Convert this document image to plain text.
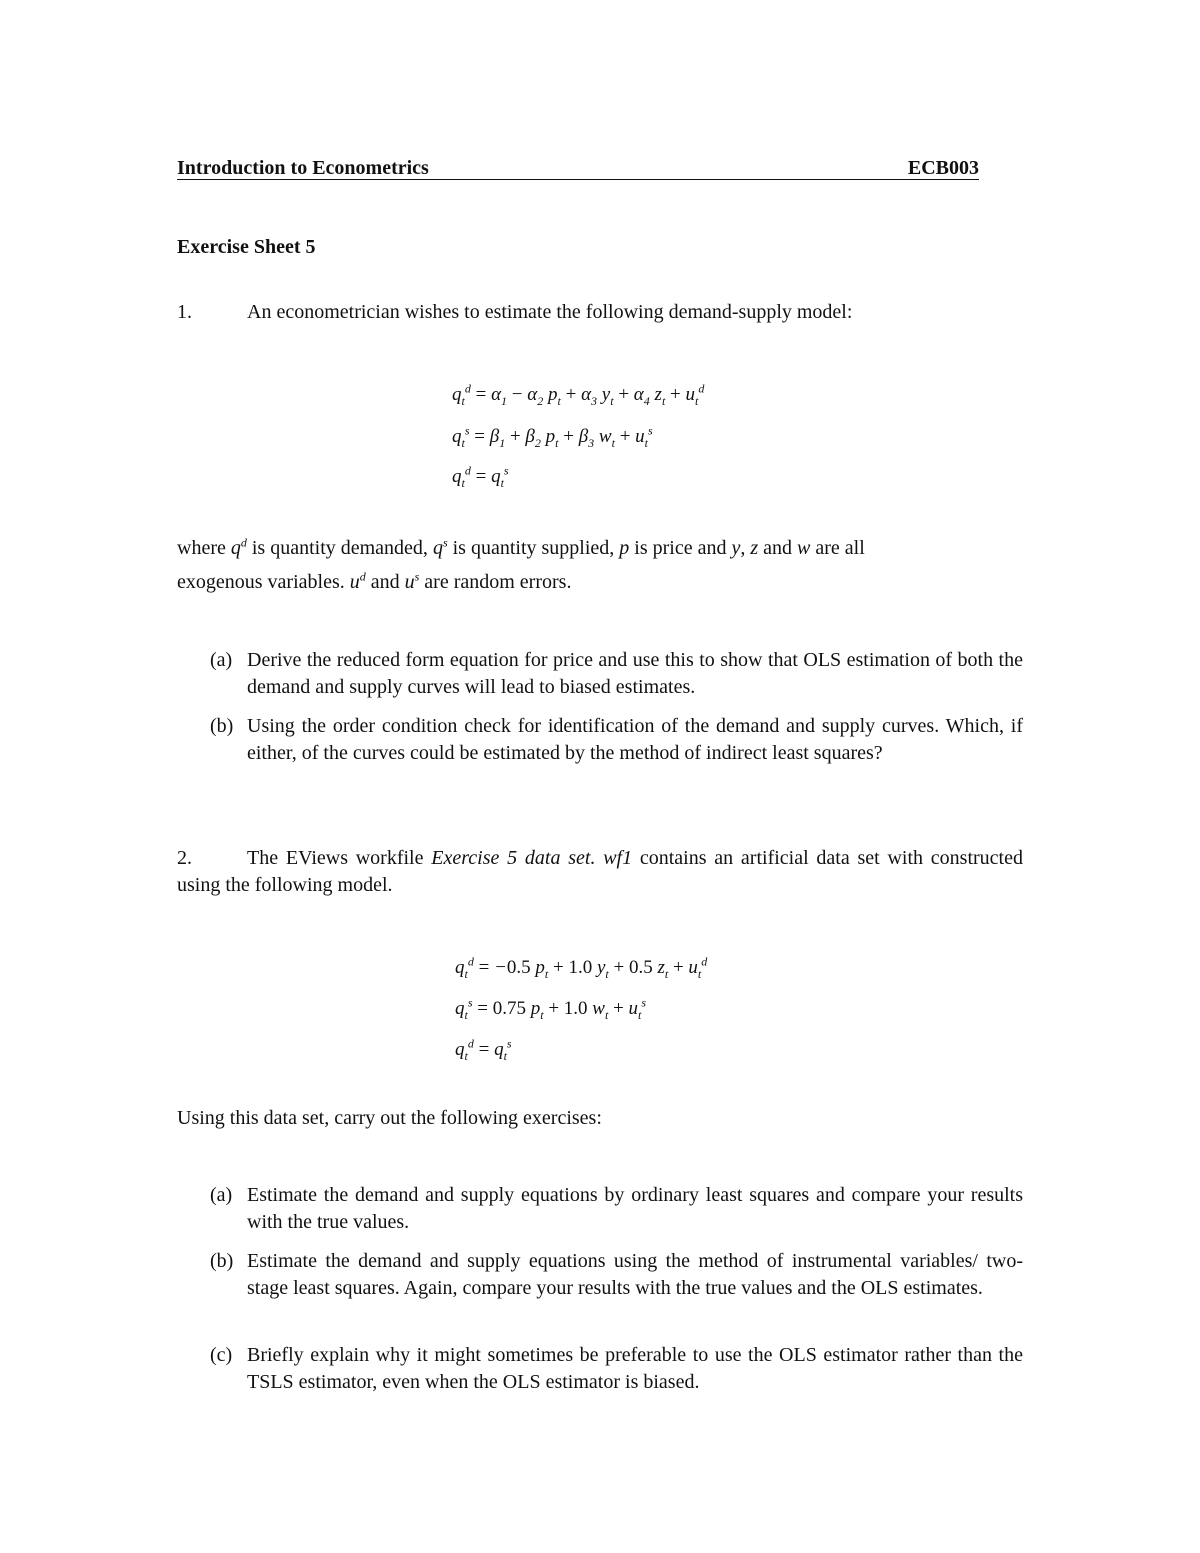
Introduction to Econometrics	ECB003
Exercise Sheet 5
1.	An econometrician wishes to estimate the following demand-supply model:
$q_t^d = \alpha_1 - \alpha_2$ $p_t + \alpha_3$ $y_t + \alpha_4$ $z_t + u_t^d$
$q_t^s = \beta_1 + \beta_2$ $p_t + \beta_3$ $w_t + u_t^s$
$q_t^d = q_t^s$
where $q^d$ is quantity demanded, $q^s$ is quantity supplied, p is price and y, z and w are all
exogenous variables. $u^d$ and $u^s$ are random errors.
(a) Derive the reduced form equation for price and use this to show that OLS estimation of both the demand and supply curves will lead to biased estimates.
(b) Using the order condition check for identification of the demand and supply curves. Which, if either, of the curves could be estimated by the method of indirect least squares?
2.	The EViews workfile Exercise 5 data set. wf1 contains an artificial data set with constructed using the following model.
$q_t^d = -0.5$ $p_t + 1.0$ $y_t + 0.5$ $z_t + u_t^d$
$q_t^s = 0.75$ $p_t + 1.0$ $w_t + u_t^s$
$q_t^d = q_t^s$
Using this data set, carry out the following exercises:
(a) Estimate the demand and supply equations by ordinary least squares and compare your results with the true values.
(b) Estimate the demand and supply equations using the method of instrumental variables/ two-stage least squares. Again, compare your results with the true values and the OLS estimates.
(c) Briefly explain why it might sometimes be preferable to use the OLS estimator rather than the TSLS estimator, even when the OLS estimator is biased.
